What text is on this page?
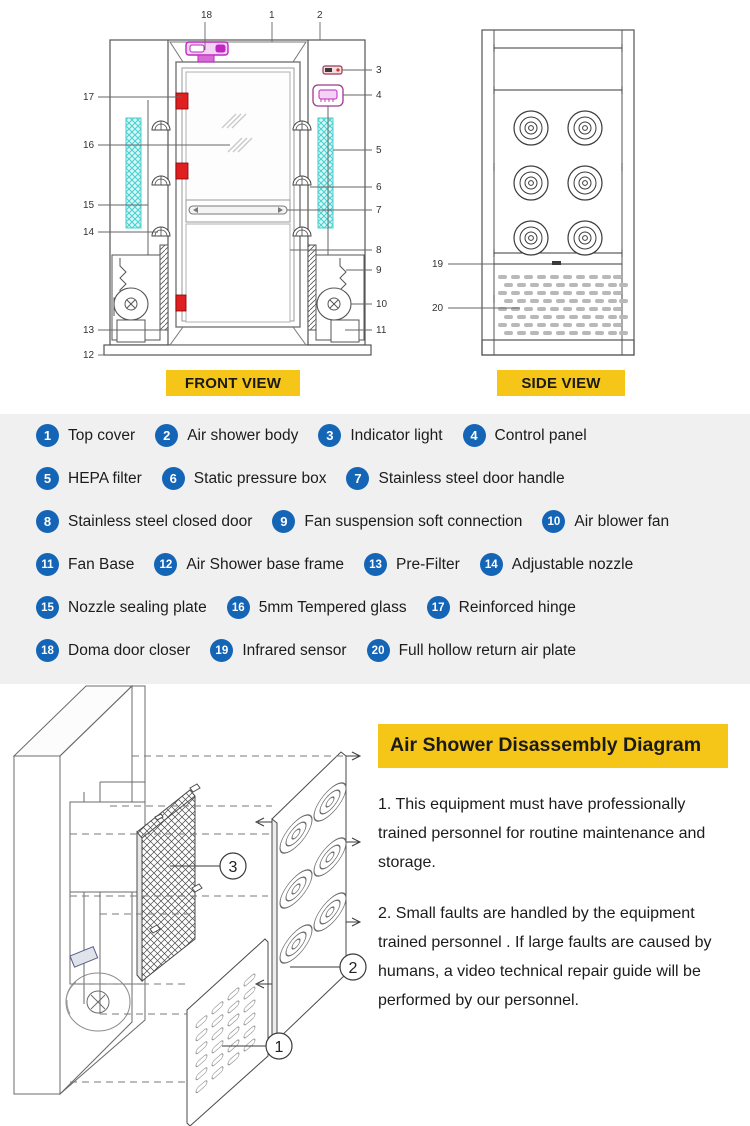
17
16
15
14
13
12
18	1	2
3
4
5
6
7
8
9
10
11
19
20
FRONT VIEW	SIDE VIEW
1	Top cover	2	Air shower body	3	Indicator light	4	Control panel
5	HEPA filter	6	Static pressure box	7	Stainless steel door handle
8	Stainless steel closed door	9	Fan suspension soft connection	10 Air blower fan
11 Fan Base	12 Air Shower base frame	13 Pre-Filter	14 Adjustable nozzle
15 Nozzle sealing plate	16 5mm Tempered glass	17 Reinforced hinge
18 Doma door closer	19 Infrared sensor	20 Full hollow return air plate
3
2
1
Air Shower Disassembly Diagram

1. This equipment must have professionally trained personnel for routine maintenance and storage.

2. Small faults are handled by the equipment trained personnel . If large faults are caused by humans, a video technical repair guide will be performed by our personnel.
